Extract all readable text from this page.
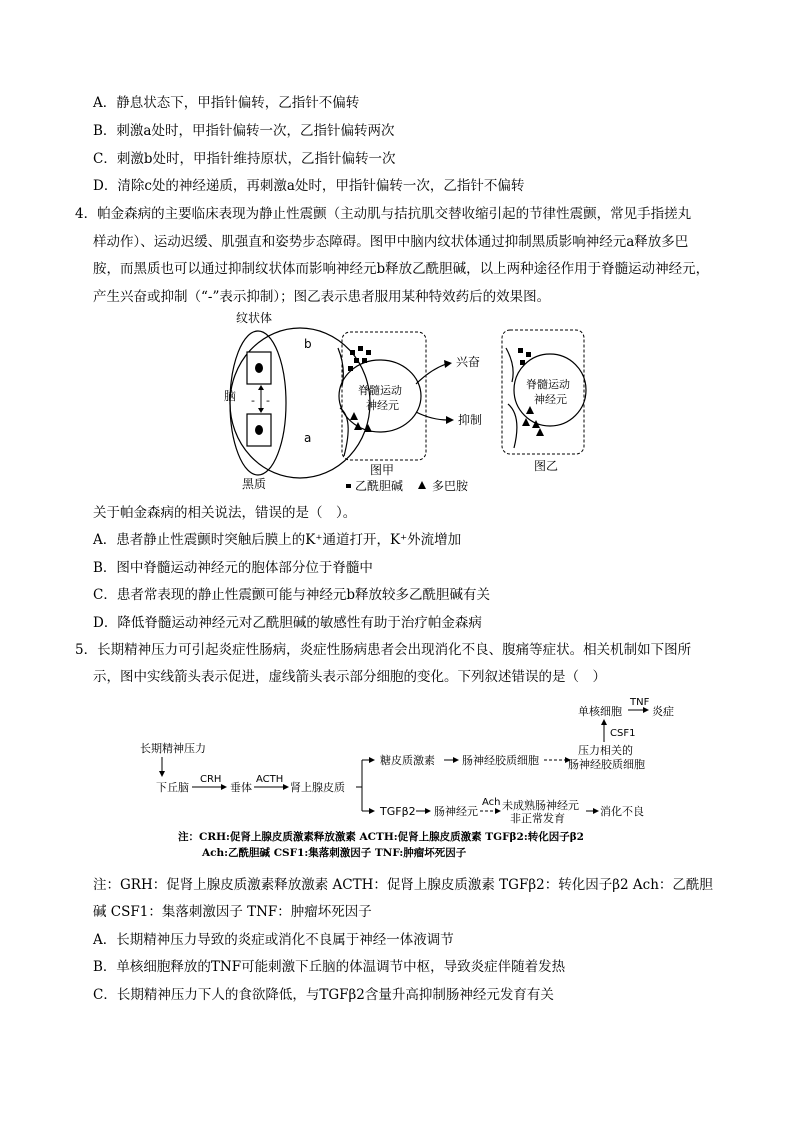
A．静息状态下，甲指针偏转，乙指针不偏转
B．刺激a处时，甲指针偏转一次，乙指针偏转两次
C．刺激b处时，甲指针维持原状，乙指针偏转一次
D．清除c处的神经递质，再刺激a处时，甲指针偏转一次，乙指针不偏转
4．帕金森病的主要临床表现为静止性震颤（主动肌与拮抗肌交替收缩引起的节律性震颤，常见手指搓丸
样动作）、运动迟缓、肌强直和姿势步态障碍。图甲中脑内纹状体通过抑制黑质影响神经元a释放多巴
胺，而黑质也可以通过抑制纹状体而影响神经元b释放乙酰胆碱，以上两种途径作用于脊髓运动神经元，
产生兴奋或抑制（“-”表示抑制）；图乙表示患者服用某种特效药后的效果图。
- -
纹状体
脑
黑质
b
a
脊髓运动
神经元
兴奋
抑制
图甲
脊髓运动
神经元
图乙
乙酰胆碱 多巴胺
关于帕金森病的相关说法，错误的是（　）。
A．患者静止性震颤时突触后膜上的K⁺通道打开，K⁺外流增加
B．图中脊髓运动神经元的胞体部分位于脊髓中
C．患者常表现的静止性震颤可能与神经元b释放较多乙酰胆碱有关
D．降低脊髓运动神经元对乙酰胆碱的敏感性有助于治疗帕金森病
5．长期精神压力可引起炎症性肠病，炎症性肠病患者会出现消化不良、腹痛等症状。相关机制如下图所
示，图中实线箭头表示促进，虚线箭头表示部分细胞的变化。下列叙述错误的是（　）
长期精神压力
下丘脑
CRH
垂体
ACTH
肾上腺皮质
糖皮质激素 肠神经胶质细胞
压力相关的
肠神经胶质细胞
CSF1
单核细胞
TNF
炎症
TGFβ2 肠神经元
Ach 未成熟肠神经元
非正常发育
消化不良
注：CRH:促肾上腺皮质激素释放激素 ACTH:促肾上腺皮质激素 TGFβ2:转化因子β2
Ach:乙酰胆碱 CSF1:集落刺激因子 TNF:肿瘤坏死因子
注：GRH：促肾上腺皮质激素释放激素 ACTH：促肾上腺皮质激素 TGFβ2：转化因子β2 Ach：乙酰胆
碱 CSF1：集落刺激因子 TNF：肿瘤坏死因子
A．长期精神压力导致的炎症或消化不良属于神经一体液调节
B．单核细胞释放的TNF可能刺激下丘脑的体温调节中枢，导致炎症伴随着发热
C．长期精神压力下人的食欲降低，与TGFβ2含量升高抑制肠神经元发育有关
